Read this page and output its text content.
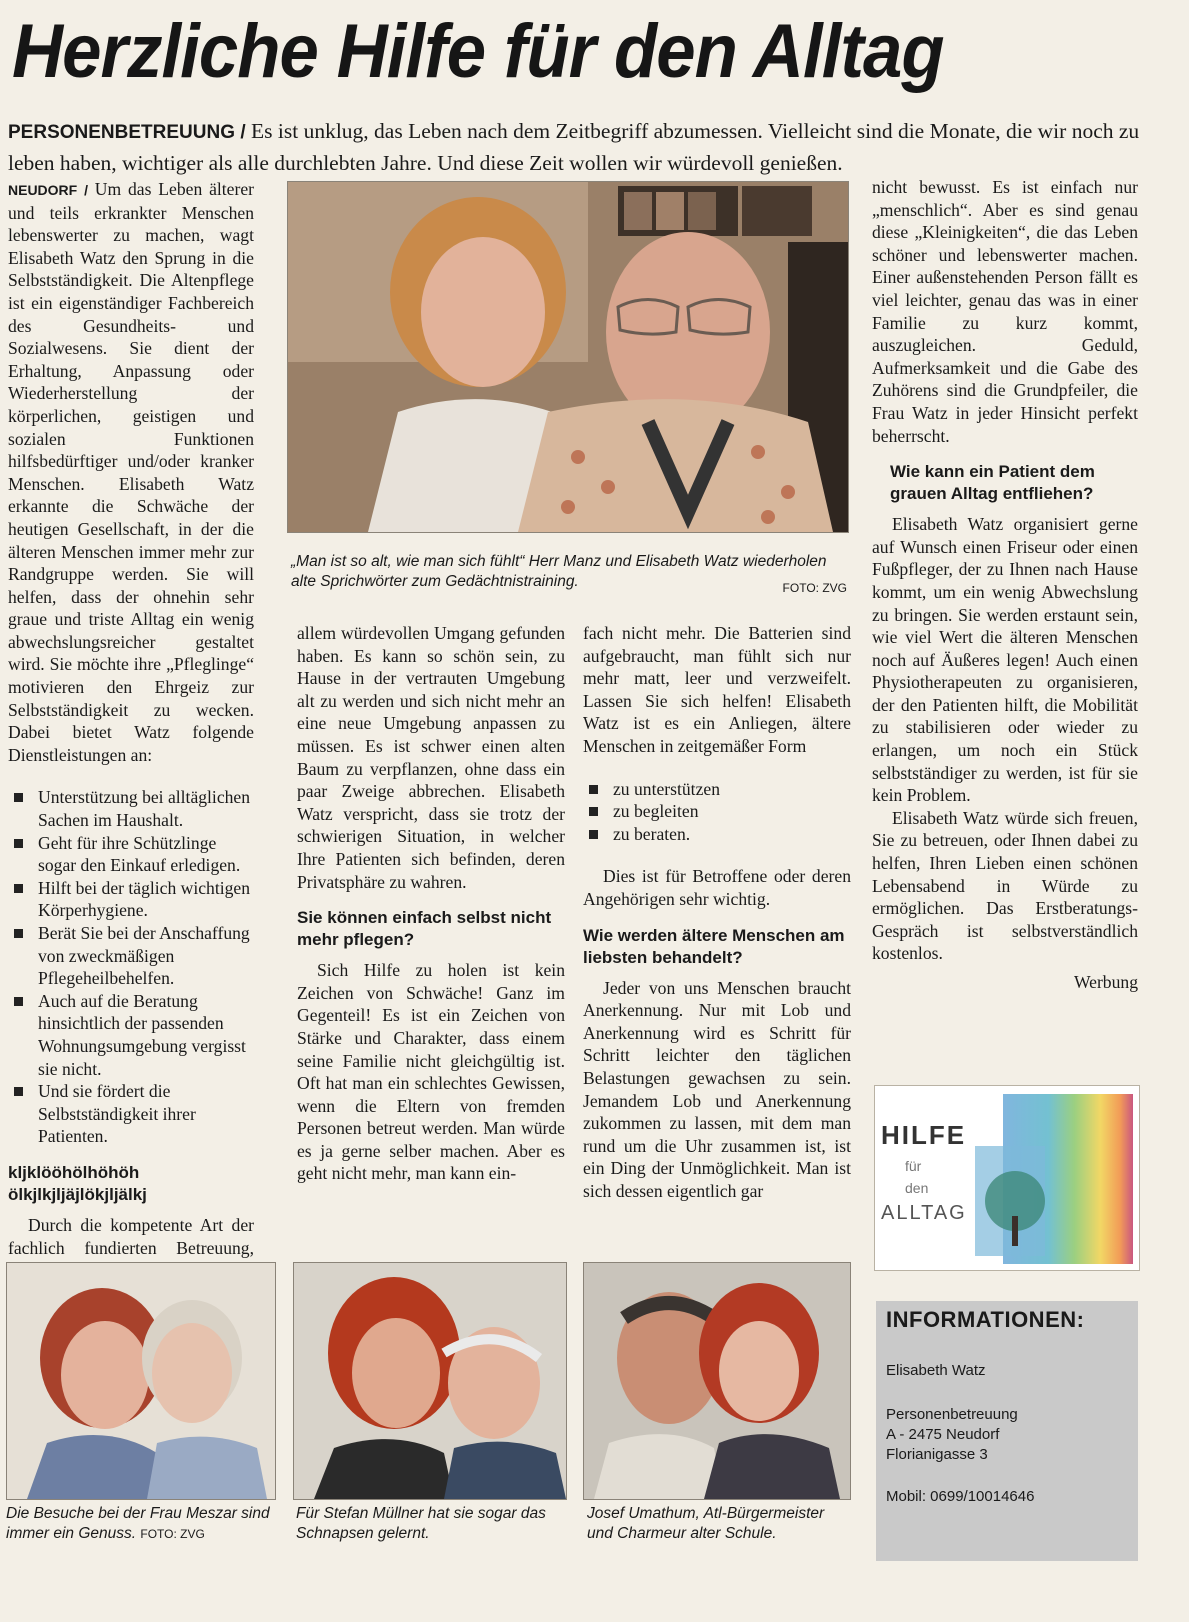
Herzliche Hilfe für den Alltag
PERSONENBETREUUNG / Es ist unklug, das Leben nach dem Zeitbegriff abzumessen. Vielleicht sind die Monate, die wir noch zu leben haben, wichtiger als alle durchlebten Jahre. Und diese Zeit wollen wir würdevoll genießen.

NEUDORF / Um das Leben älterer und teils erkrankter Menschen lebenswerter zu machen, wagt Elisabeth Watz den Sprung in die Selbstständigkeit. Die Altenpflege ist ein eigenständiger Fachbereich des Gesundheits- und Sozialwesens. Sie dient der Erhaltung, Anpassung oder Wiederherstellung der körperlichen, geistigen und sozialen Funktionen hilfsbedürftiger und/oder kranker Menschen. Elisabeth Watz erkannte die Schwäche der heutigen Gesellschaft, in der die älteren Menschen immer mehr zur Randgruppe werden. Sie will helfen, dass der ohnehin sehr graue und triste Alltag ein wenig abwechslungsreicher gestaltet wird. Sie möchte ihre „Pfleglinge“ motivieren den Ehrgeiz zur Selbstständigkeit zu wecken. Dabei bietet Watz folgende Dienstleistungen an:

Unterstützung bei alltäglichen Sachen im Haushalt.
Geht für ihre Schützlinge sogar den Einkauf erledigen.
Hilft bei der täglich wichtigen Körperhygiene.
Berät Sie bei der Anschaffung von zweckmäßigen Pflegeheilbehelfen.
Auch auf die Beratung hinsichtlich der passenden Wohnungsumgebung vergisst sie nicht.
Und sie fördert die Selbstständigkeit ihrer Patienten.
kljklööhölhöhöh ölkjlkjljäjlökjljälkj

Durch die kompetente Art der fachlich fundierten Betreuung,

„Man ist so alt, wie man sich fühlt“ Herr Manz und Elisabeth Watz wiederholen alte Sprichwörter zum Gedächtnistraining.	FOTO: ZVG

allem würdevollen Umgang gefunden haben. Es kann so schön sein, zu Hause in der vertrauten Umgebung alt zu werden und sich nicht mehr an eine neue Umgebung anpassen zu müssen. Es ist schwer einen alten Baum zu verpflanzen, ohne dass ein paar Zweige abbrechen. Elisabeth Watz verspricht, dass sie trotz der schwierigen Situation, in welcher Ihre Patienten sich befinden, deren Privatsphäre zu wahren.

Sie können einfach selbst nicht mehr pflegen?

Sich Hilfe zu holen ist kein Zeichen von Schwäche! Ganz im Gegenteil! Es ist ein Zeichen von Stärke und Charakter, dass einem seine Familie nicht gleichgültig ist. Oft hat man ein schlechtes Gewissen, wenn die Eltern von fremden Personen betreut werden. Man würde es ja gerne selber machen. Aber es geht nicht mehr, man kann ein-

fach nicht mehr. Die Batterien sind aufgebraucht, man fühlt sich nur mehr matt, leer und verzweifelt. Lassen Sie sich helfen! Elisabeth Watz ist es ein Anliegen, ältere Menschen in zeitgemäßer Form

zu unterstützen
zu begleiten
zu beraten.

Dies ist für Betroffene oder deren Angehörigen sehr wichtig.

Wie werden ältere Menschen am liebsten behandelt?

Jeder von uns Menschen braucht Anerkennung. Nur mit Lob und Anerkennung wird es Schritt für Schritt leichter den täglichen Belastungen gewachsen zu sein. Jemandem Lob und Anerkennung zukommen zu lassen, mit dem man rund um die Uhr zusammen ist, ist ein Ding der Unmöglichkeit. Man ist sich dessen eigentlich gar

nicht bewusst. Es ist einfach nur „menschlich“. Aber es sind genau diese „Kleinigkeiten“, die das Leben schöner und lebenswerter machen. Einer außenstehenden Person fällt es viel leichter, genau das was in einer Familie zu kurz kommt, auszugleichen. Geduld, Aufmerksamkeit und die Gabe des Zuhörens sind die Grundpfeiler, die Frau Watz in jeder Hinsicht perfekt beherrscht.

Wie kann ein Patient dem grauen Alltag entfliehen?

Elisabeth Watz organisiert gerne auf Wunsch einen Friseur oder einen Fußpfleger, der zu Ihnen nach Hause kommt, um ein wenig Abwechslung zu bringen. Sie werden erstaunt sein, wie viel Wert die älteren Menschen noch auf Äußeres legen! Auch einen Physiotherapeuten zu organisieren, der den Patienten hilft, die Mobilität zu stabilisieren oder wieder zu erlangen, um noch ein Stück selbstständiger zu werden, ist für sie kein Problem.

Elisabeth Watz würde sich freuen, Sie zu betreuen, oder Ihnen dabei zu helfen, Ihren Lieben einen schönen Lebensabend in Würde zu ermöglichen. Das Erstberatungs-Gespräch ist selbstverständlich kostenlos.

Werbung

HILFE
für
den
ALLTAG
Die Besuche bei der Frau Meszar sind immer ein Genuss. FOTO: ZVG
Für Stefan Müllner hat sie sogar das Schnapsen gelernt.
Josef Umathum, Atl-Bürgermeister und Charmeur alter Schule.
INFORMATIONEN:
Elisabeth Watz
Personenbetreuung
A - 2475 Neudorf
Florianigasse 3
Mobil: 0699/10014646
